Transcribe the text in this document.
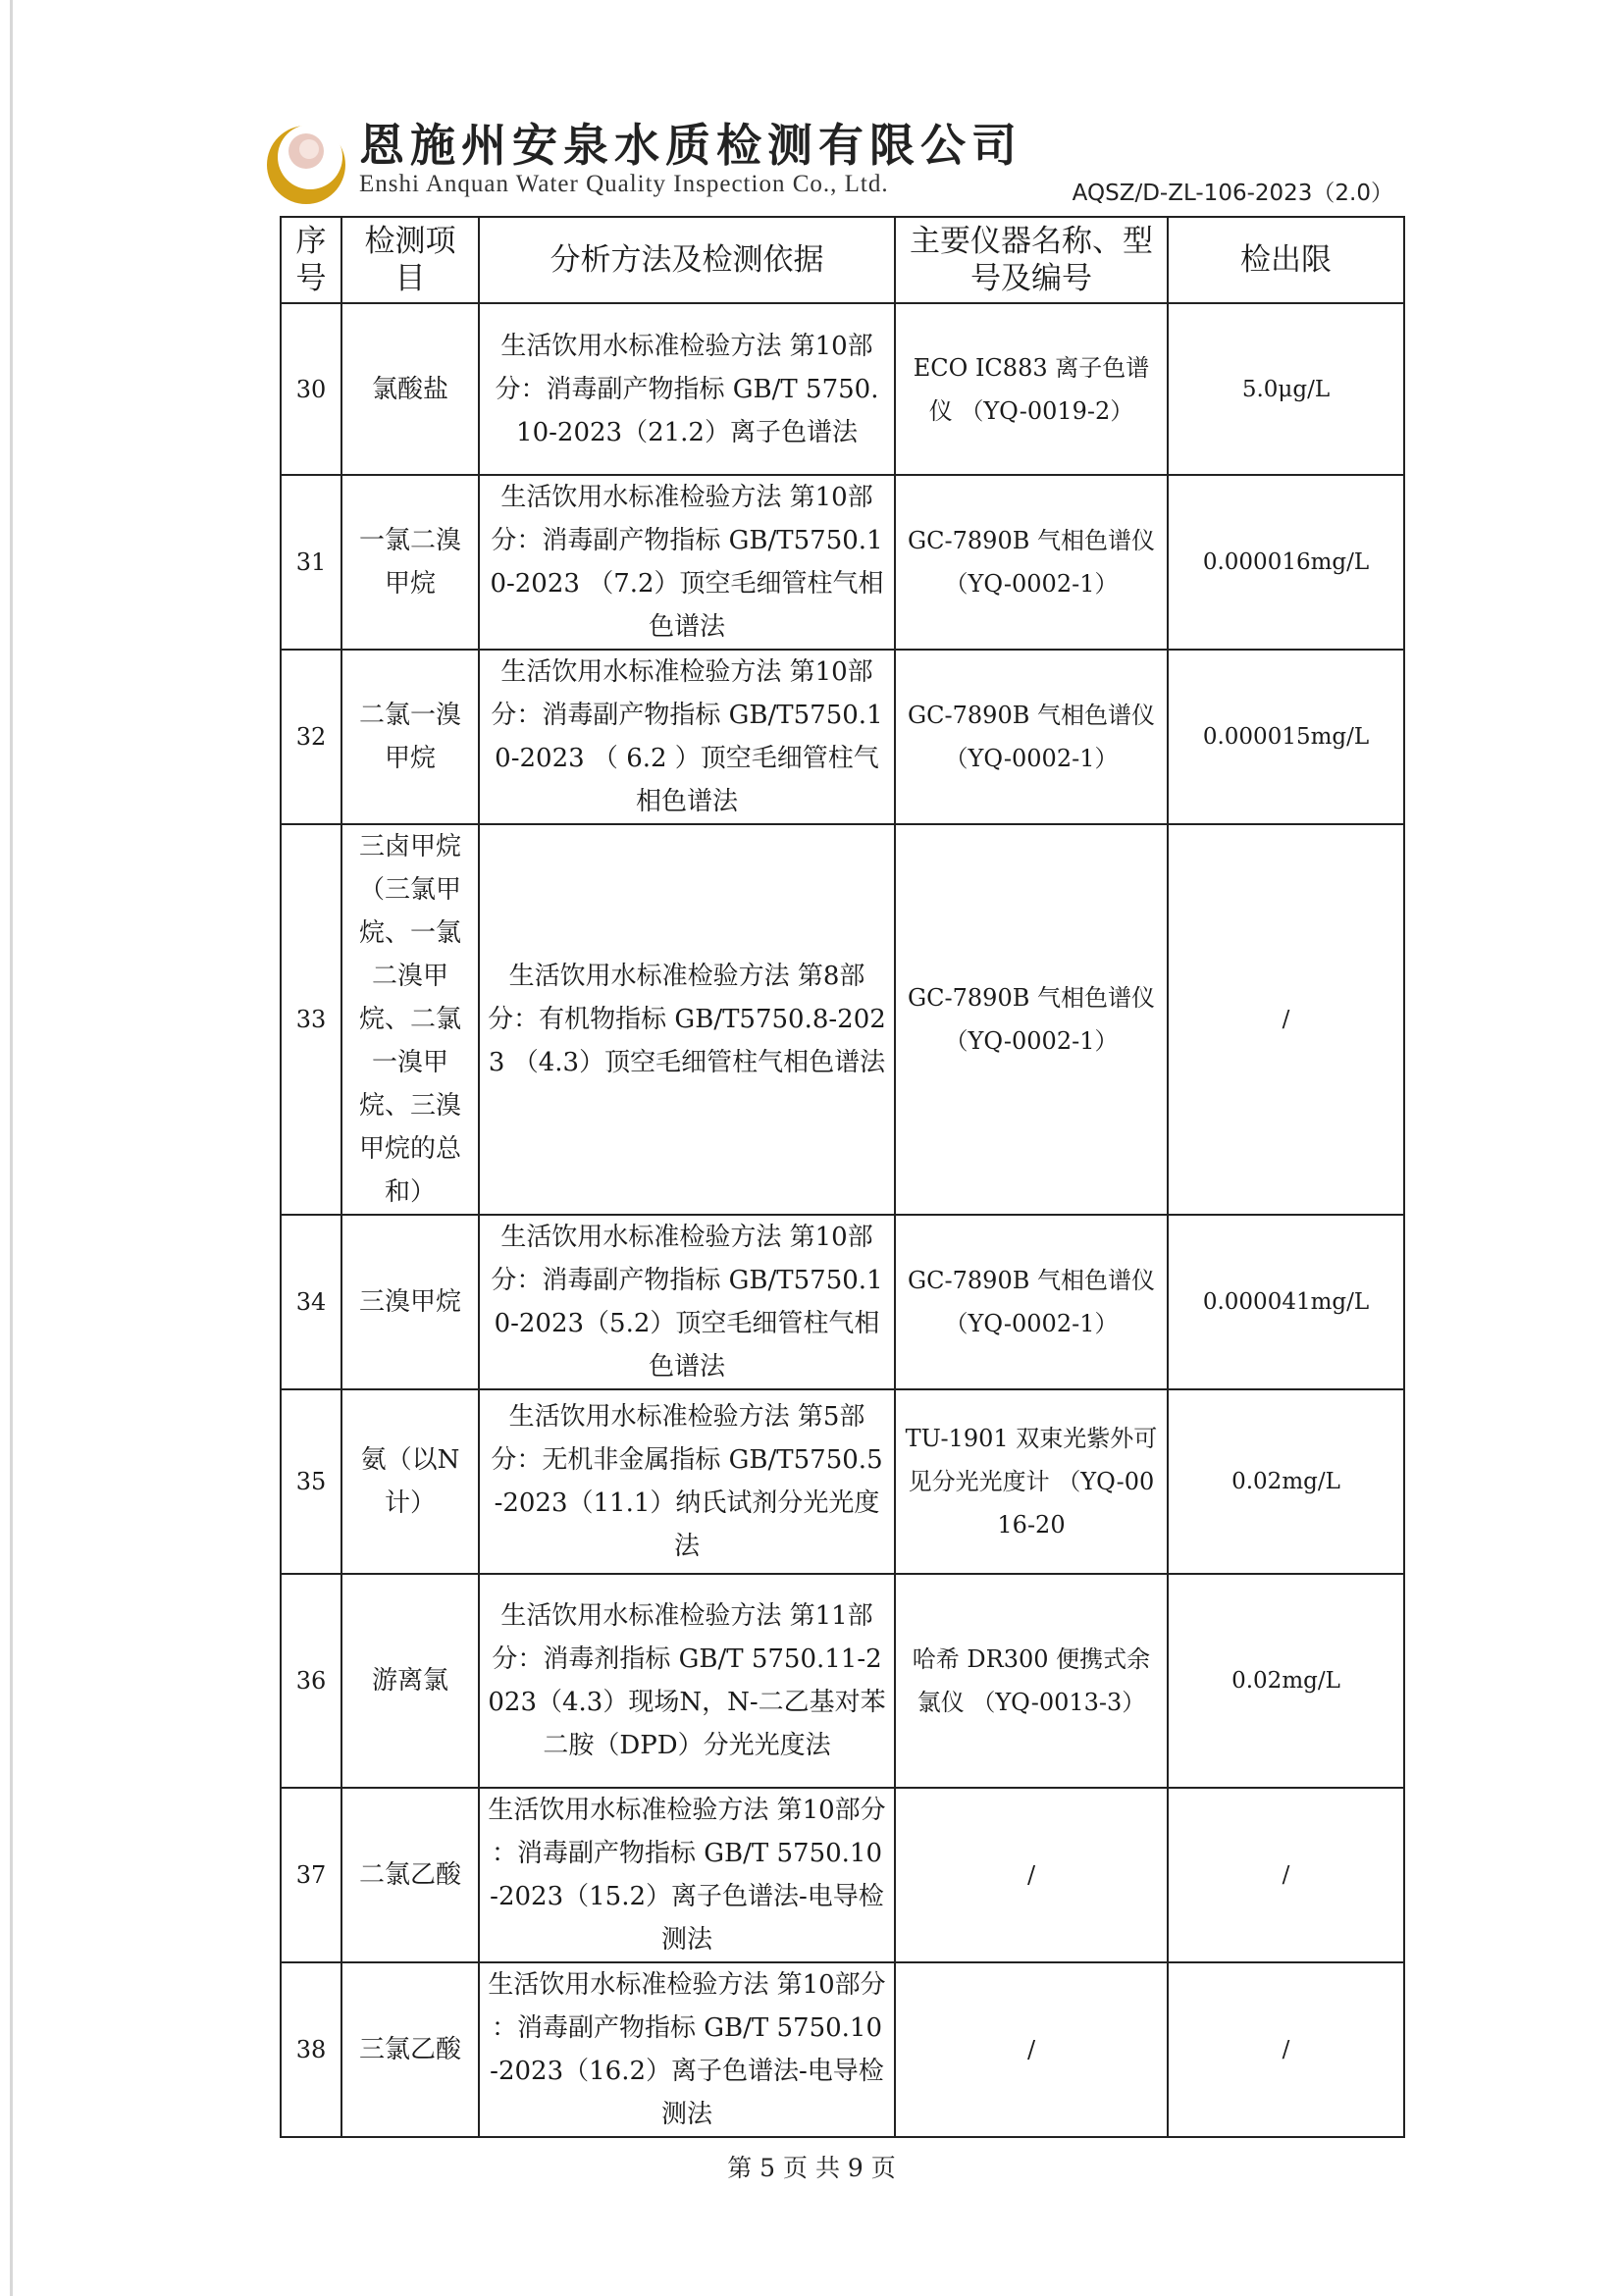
恩施州安泉水质检测有限公司
Enshi Anquan Water Quality Inspection Co., Ltd.	AQSZ/D-ZL-106-2023（2.0）
序号	检测项目	分析方法及检测依据	主要仪器名称、型号及编号	检出限
30	氯酸盐	生活饮用水标准检验方法 第10部分：消毒副产物指标 GB/T 5750.10-2023（21.2）离子色谱法	ECO IC883 离子色谱仪 （YQ-0019-2）	5.0μg/L
31	一氯二溴甲烷	生活饮用水标准检验方法 第10部分：消毒副产物指标 GB/T5750.10-2023 （7.2）顶空毛细管柱气相色谱法	GC-7890B 气相色谱仪 （YQ-0002-1）	0.000016mg/L
32	二氯一溴甲烷	生活饮用水标准检验方法 第10部分：消毒副产物指标 GB/T5750.10-2023 （ 6.2 ）顶空毛细管柱气相色谱法	GC-7890B 气相色谱仪 （YQ-0002-1）	0.000015mg/L
33	三卤甲烷（三氯甲烷、一氯二溴甲烷、二氯一溴甲烷、三溴甲烷的总和）	生活饮用水标准检验方法 第8部分：有机物指标 GB/T5750.8-2023 （4.3）顶空毛细管柱气相色谱法	GC-7890B 气相色谱仪 （YQ-0002-1）	/
34	三溴甲烷	生活饮用水标准检验方法 第10部分：消毒副产物指标 GB/T5750.10-2023（5.2）顶空毛细管柱气相色谱法	GC-7890B 气相色谱仪 （YQ-0002-1）	0.000041mg/L
35	氨（以N计）	生活饮用水标准检验方法 第5部分：无机非金属指标 GB/T5750.5-2023（11.1）纳氏试剂分光光度法	TU-1901 双束光紫外可见分光光度计 （YQ-0016-20	0.02mg/L
36	游离氯	生活饮用水标准检验方法 第11部分：消毒剂指标 GB/T 5750.11-2023（4.3）现场N，N-二乙基对苯二胺（DPD）分光光度法	哈希 DR300 便携式余氯仪 （YQ-0013-3）	0.02mg/L
37	二氯乙酸	生活饮用水标准检验方法 第10部分 ：消毒副产物指标 GB/T 5750.10-2023（15.2）离子色谱法-电导检测法	/	/
38	三氯乙酸	生活饮用水标准检验方法 第10部分 ：消毒副产物指标 GB/T 5750.10-2023（16.2）离子色谱法-电导检测法	/	/
第 5 页 共 9 页
